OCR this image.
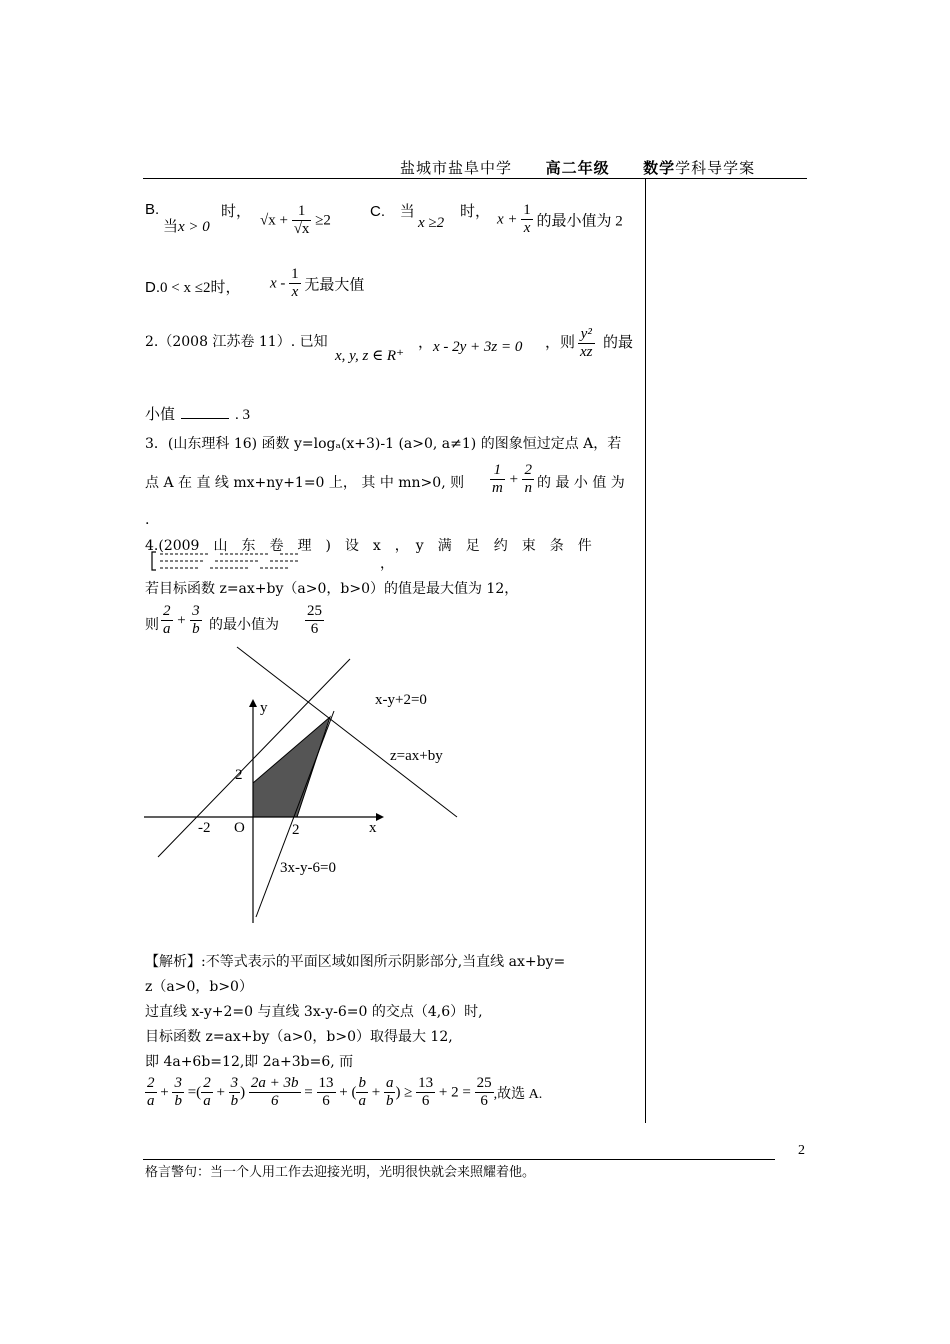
盐城市盐阜中学 高二年级 数学学科导学案
B.
当x > 0
时，
$√x + \frac{1}{√x} \ge 2$
C. 当
x ≥2
时， $x + \frac{1}{x}$ 的最小值为 2
D.0 < x ≤2时， x - $\frac{1}{x}$ 无最大值
2.（2008 江苏卷 11）. 已知
x, y, z ∈ R⁺
， x - 2y + 3z = 0 ，则 $\frac{\text{y²}}{xz}$ 的最
小值	. 3
3．(山东理科 16) 函数 y=logₐ(x+3)-1 (a>0, a≠1) 的图象恒过定点 A，若
点 A 在 直 线 mx+ny+1=0 上， 其 中 mn>0, 则 $\frac{1}{m} + \frac{2}{n}$ 的 最 小 值 为
.
4.(2009　山　东　卷　理　)　设　x　，　y　满　足　约　束　条　件
，
若目标函数 z=ax+by（a>0，b>0）的值是最大值为 12，
则 $\frac{2}{a} + \frac{3}{b}$ 的最小值为 $\frac{25}{6}$
y
x
O
2
-2	2
x-y+2=0
z=ax+by
3x-y-6=0
【解析】:不等式表示的平面区域如图所示阴影部分,当直线 ax+by=
z（a>0，b>0）
过直线 x-y+2=0 与直线 3x-y-6=0 的交点（4,6）时,
目标函数 z=ax+by（a>0，b>0）取得最大 12,
即 4a+6b=12,即 2a+3b=6, 而
$\frac{2}{a} + \frac{3}{b}$ =( $\frac{2}{a} + \frac{3}{b}$ ) $\frac{2a + 3b}{6} = \frac{13}{6}$ + ( $\frac{b}{a} + \frac{a}{b}$ ) ≥ $\frac{13}{6} + 2 = \frac{25}{6}$ ,故选 A.
2
格言警句：当一个人用工作去迎接光明，光明很快就会来照耀着他。
